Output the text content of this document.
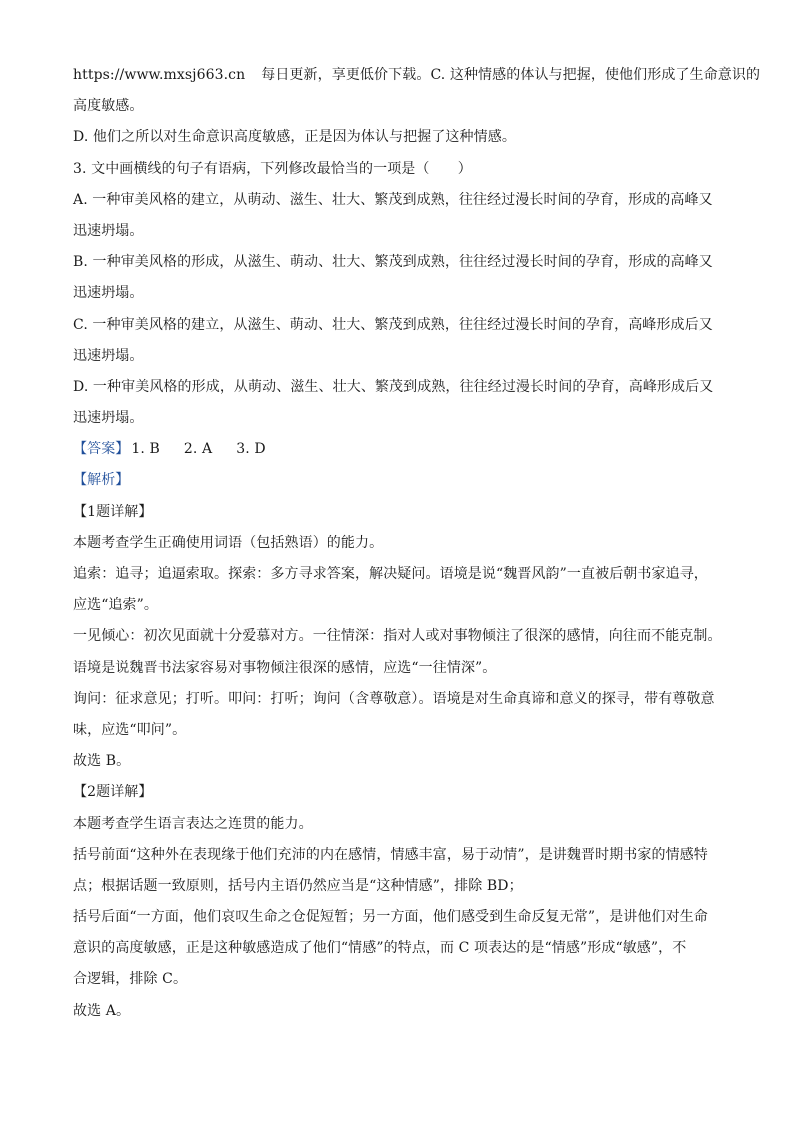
https://www.mxsj663.cn 每日更新，享更低价下载。C. 这种情感的体认与把握，使他们形成了生命意识的
高度敏感。
D. 他们之所以对生命意识高度敏感，正是因为体认与把握了这种情感。
3. 文中画横线的句子有语病，下列修改最恰当的一项是（　　）
A. 一种审美风格的建立，从萌动、滋生、壮大、繁茂到成熟，往往经过漫长时间的孕育，形成的高峰又
迅速坍塌。
B. 一种审美风格的形成，从滋生、萌动、壮大、繁茂到成熟，往往经过漫长时间的孕育，形成的高峰又
迅速坍塌。
C. 一种审美风格的建立，从滋生、萌动、壮大、繁茂到成熟，往往经过漫长时间的孕育，高峰形成后又
迅速坍塌。
D. 一种审美风格的形成，从萌动、滋生、壮大、繁茂到成熟，往往经过漫长时间的孕育，高峰形成后又
迅速坍塌。
【答案】 1. B 2. A 3. D
【解析】
【1题详解】
本题考查学生正确使用词语（包括熟语）的能力。
追索：追寻；追逼索取。探索：多方寻求答案，解决疑问。语境是说“魏晋风韵”一直被后朝书家追寻，
应选“追索”。
一见倾心：初次见面就十分爱慕对方。一往情深：指对人或对事物倾注了很深的感情，向往而不能克制。
语境是说魏晋书法家容易对事物倾注很深的感情，应选“一往情深”。
询问：征求意见；打听。叩问：打听；询问（含尊敬意）。语境是对生命真谛和意义的探寻，带有尊敬意
味，应选“叩问”。
故选 B。
【2题详解】
本题考查学生语言表达之连贯的能力。
括号前面“这种外在表现缘于他们充沛的内在感情，情感丰富，易于动情”，是讲魏晋时期书家的情感特
点；根据话题一致原则，括号内主语仍然应当是“这种情感”，排除 BD；
括号后面“一方面，他们哀叹生命之仓促短暂；另一方面，他们感受到生命反复无常”，是讲他们对生命
意识的高度敏感，正是这种敏感造成了他们“情感”的特点，而 C 项表达的是“情感”形成“敏感”，不
合逻辑，排除 C。
故选 A。
